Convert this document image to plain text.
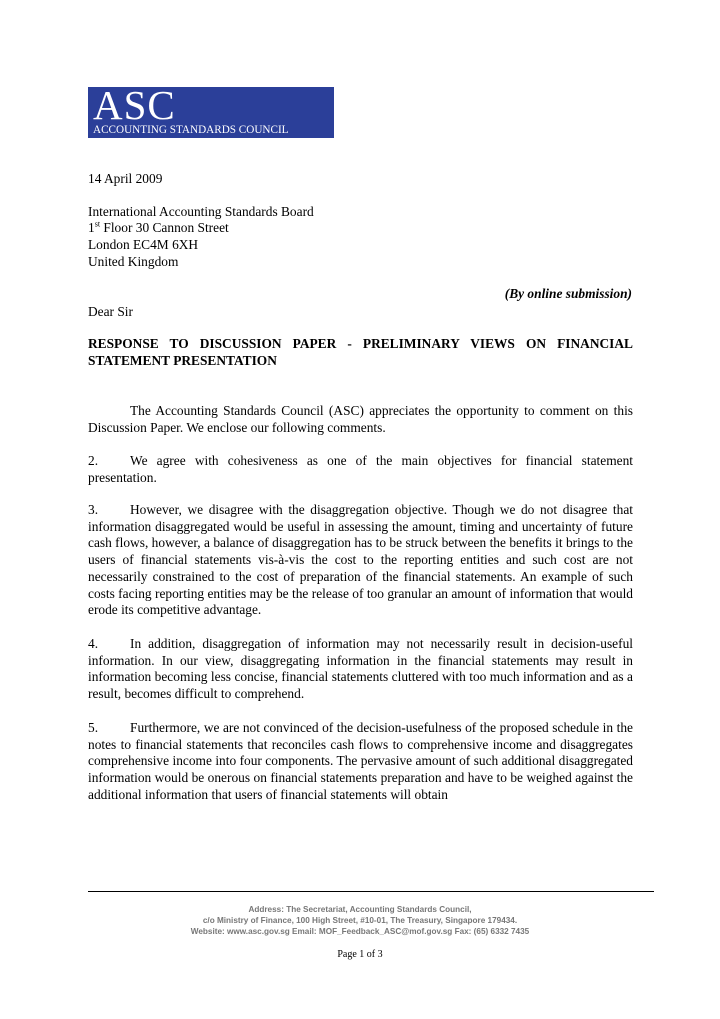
ASC
ACCOUNTING STANDARDS COUNCIL
14 April 2009
International Accounting Standards Board
1st Floor 30 Cannon Street
London EC4M 6XH
United Kingdom
(By online submission)
Dear Sir
RESPONSE TO DISCUSSION PAPER - PRELIMINARY VIEWS ON FINANCIAL STATEMENT PRESENTATION
The Accounting Standards Council (ASC) appreciates the opportunity to comment on this Discussion Paper. We enclose our following comments.
2. We agree with cohesiveness as one of the main objectives for financial statement presentation.
3. However, we disagree with the disaggregation objective. Though we do not disagree that information disaggregated would be useful in assessing the amount, timing and uncertainty of future cash flows, however, a balance of disaggregation has to be struck between the benefits it brings to the users of financial statements vis-à-vis the cost to the reporting entities and such cost are not necessarily constrained to the cost of preparation of the financial statements. An example of such costs facing reporting entities may be the release of too granular an amount of information that would erode its competitive advantage.
4. In addition, disaggregation of information may not necessarily result in decision-useful information. In our view, disaggregating information in the financial statements may result in information becoming less concise, financial statements cluttered with too much information and as a result, becomes difficult to comprehend.
5. Furthermore, we are not convinced of the decision-usefulness of the proposed schedule in the notes to financial statements that reconciles cash flows to comprehensive income and disaggregates comprehensive income into four components. The pervasive amount of such additional disaggregated information would be onerous on financial statements preparation and have to be weighed against the additional information that users of financial statements will obtain
Address: The Secretariat, Accounting Standards Council,
c/o Ministry of Finance, 100 High Street, #10-01, The Treasury, Singapore 179434.
Website: www.asc.gov.sg Email: MOF_Feedback_ASC@mof.gov.sg Fax: (65) 6332 7435
Page 1 of 3
